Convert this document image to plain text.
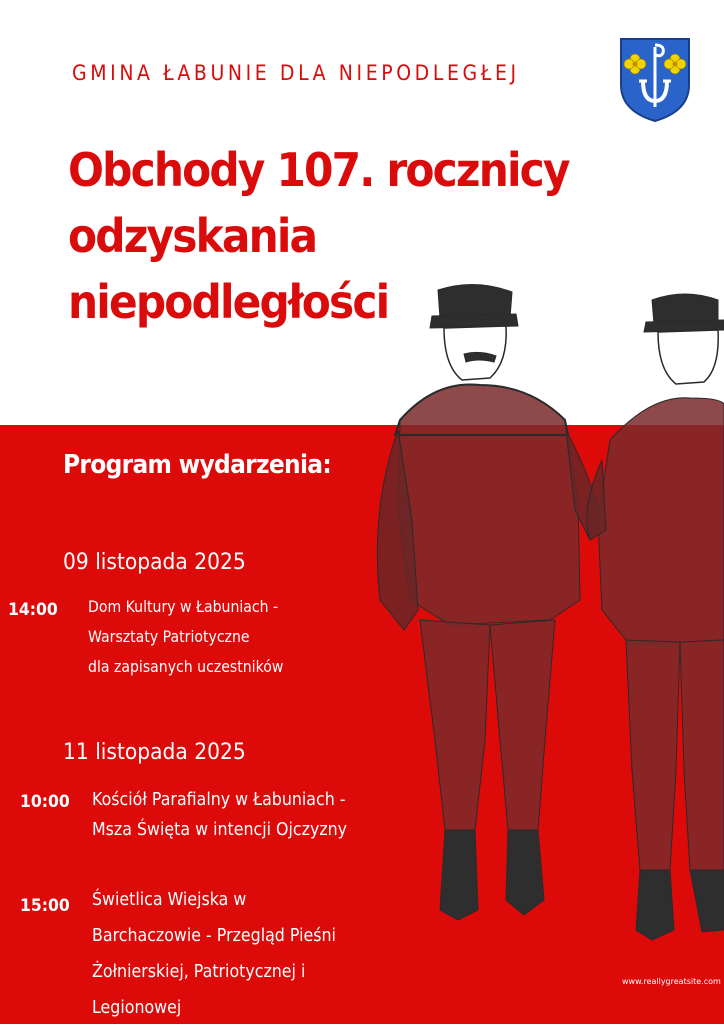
GMINA ŁABUNIE DLA NIEPODLEGŁEJ
Obchody 107. rocznicy
odzyskania
niepodległości
Program wydarzenia:
09 listopada 2025
14:00 Dom Kultury w Łabuniach -
Warsztaty Patriotyczne
dla zapisanych uczestników
11 listopada 2025
10:00 Kościół Parafialny w Łabuniach -
Msza Święta w intencji Ojczyzny
15:00 Świetlica Wiejska w
Barchaczowie - Przegląd Pieśni
Żołnierskiej, Patriotycznej i
Legionowej
www.reallygreatsite.com
